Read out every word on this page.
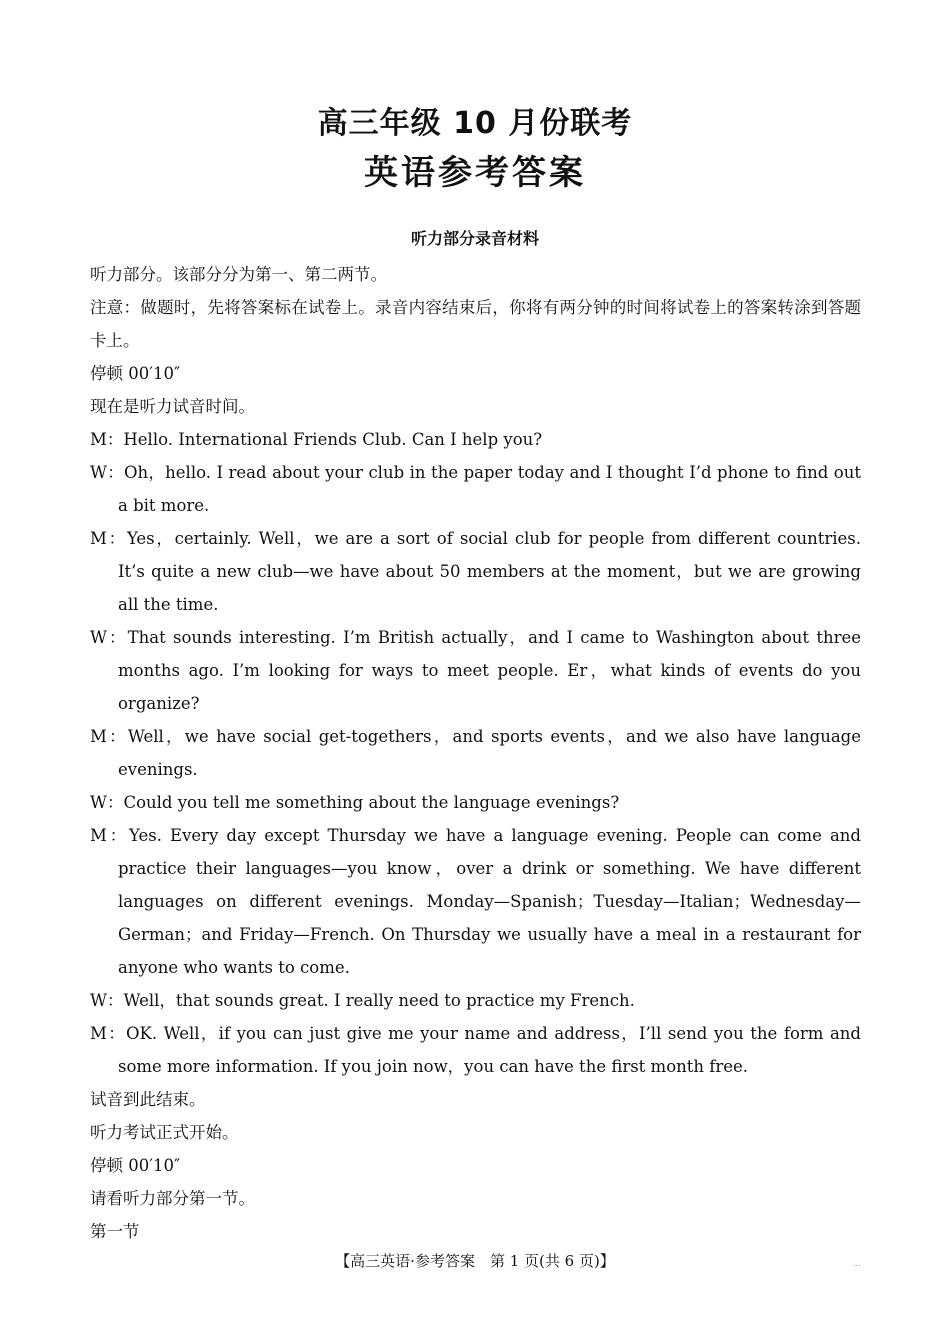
高三年级 10 月份联考
英语参考答案
听力部分录音材料

听力部分。该部分分为第一、第二两节。

注意：做题时，先将答案标在试卷上。录音内容结束后，你将有两分钟的时间将试卷上的答案转涂到答题卡上。

停顿 00′10″

现在是听力试音时间。

M：Hello. International Friends Club. Can I help you?

W：Oh，hello. I read about your club in the paper today and I thought I’d phone to find out a bit more.

M：Yes，certainly. Well，we are a sort of social club for people from different countries. It’s quite a new club—we have about 50 members at the moment，but we are growing all the time.

W：That sounds interesting. I’m British actually，and I came to Washington about three months ago. I’m looking for ways to meet people. Er，what kinds of events do you organize?

M：Well，we have social get-togethers，and sports events，and we also have language evenings.

W：Could you tell me something about the language evenings?

M：Yes. Every day except Thursday we have a language evening. People can come and practice their languages—you know，over a drink or something. We have different languages on different evenings. Monday—Spanish；Tuesday—Italian；Wednesday—German；and Friday—French. On Thursday we usually have a meal in a restaurant for anyone who wants to come.

W：Well，that sounds great. I really need to practice my French.

M：OK. Well，if you can just give me your name and address，I’ll send you the form and some more information. If you join now，you can have the first month free.

试音到此结束。

听力考试正式开始。

停顿 00′10″

请看听力部分第一节。

第一节

【高三英语·参考答案　第 1 页(共 6 页)】	...
